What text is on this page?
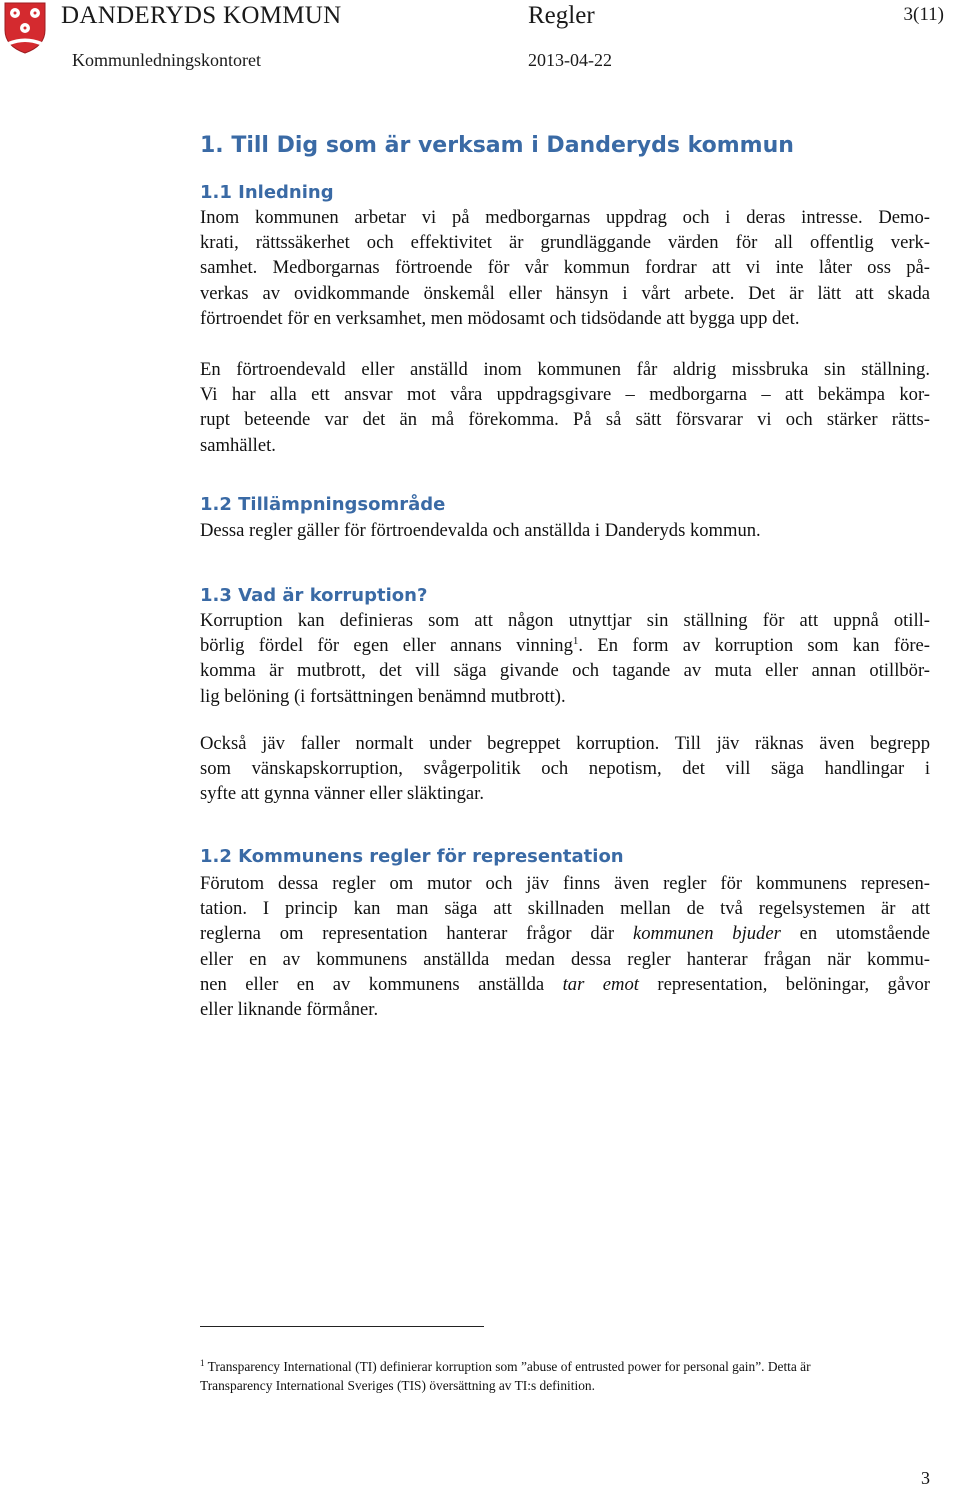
DANDERYDS KOMMUN	Regler	3(11)
Kommunledningskontoret	2013-04-22
1. Till Dig som är verksam i Danderyds kommun
1.1 Inledning

Inom kommunen arbetar vi på medborgarnas uppdrag och i deras intresse. Demo-
krati, rättssäkerhet och effektivitet är grundläggande värden för all offentlig verk-
samhet. Medborgarnas förtroende för vår kommun fordrar att vi inte låter oss på-
verkas av ovidkommande önskemål eller hänsyn i vårt arbete. Det är lätt att skada
förtroendet för en verksamhet, men mödosamt och tidsödande att bygga upp det.

En förtroendevald eller anställd inom kommunen får aldrig missbruka sin ställning.
Vi har alla ett ansvar mot våra uppdragsgivare – medborgarna – att bekämpa kor-
rupt beteende var det än må förekomma. På så sätt försvarar vi och stärker rätts-
samhället.

1.2 Tillämpningsområde

Dessa regler gäller för förtroendevalda och anställda i Danderyds kommun.

1.3 Vad är korruption?

Korruption kan definieras som att någon utnyttjar sin ställning för att uppnå otill-
börlig fördel för egen eller annans vinning$^1$. En form av korruption som kan före-
komma är mutbrott, det vill säga givande och tagande av muta eller annan otillbör-
lig belöning (i fortsättningen benämnd mutbrott).

Också jäv faller normalt under begreppet korruption. Till jäv räknas även begrepp
som vänskapskorruption, svågerpolitik och nepotism, det vill säga handlingar i
syfte att gynna vänner eller släktingar.

1.2 Kommunens regler för representation

Förutom dessa regler om mutor och jäv finns även regler för kommunens represen-
tation. I princip kan man säga att skillnaden mellan de två regelsystemen är att
reglerna om representation hanterar frågor där kommunen bjuder en utomstående
eller en av kommunens anställda medan dessa regler hanterar frågan när kommu-
nen eller en av kommunens anställda tar emot representation, belöningar, gåvor
eller liknande förmåner.

$^1$ Transparency International (TI) definierar korruption som ”abuse of entrusted power for personal gain”. Detta är
Transparency International Sveriges (TIS) översättning av TI:s definition.
3
